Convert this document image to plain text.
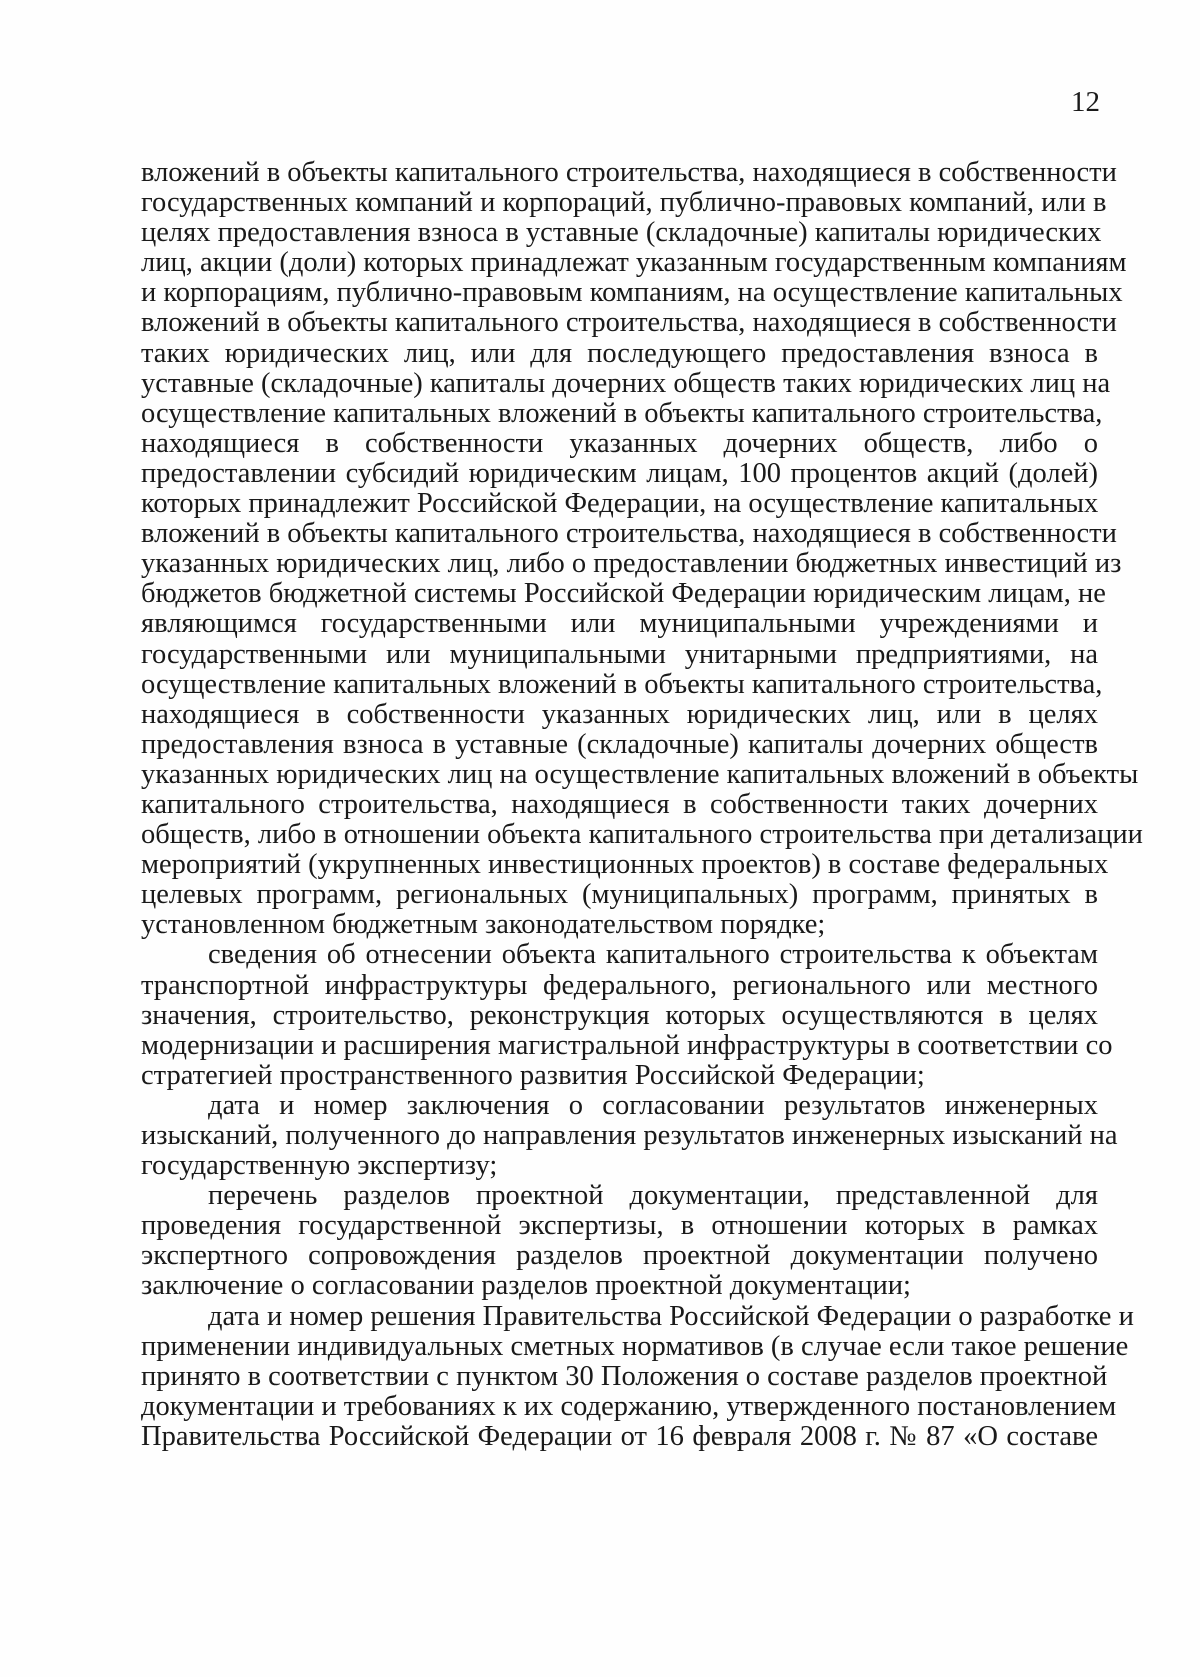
12
вложений в объекты капитального строительства, находящиеся в собственности
государственных компаний и корпораций, публично-правовых компаний, или в
целях предоставления взноса в уставные (складочные) капиталы юридических
лиц, акции (доли) которых принадлежат указанным государственным компаниям
и корпорациям, публично-правовым компаниям, на осуществление капитальных
вложений в объекты капитального строительства, находящиеся в собственности
таких юридических лиц, или для последующего предоставления взноса в
уставные (складочные) капиталы дочерних обществ таких юридических лиц на
осуществление капитальных вложений в объекты капитального строительства,
находящиеся в собственности указанных дочерних обществ, либо о
предоставлении субсидий юридическим лицам, 100 процентов акций (долей)
которых принадлежит Российской Федерации, на осуществление капитальных
вложений в объекты капитального строительства, находящиеся в собственности
указанных юридических лиц, либо о предоставлении бюджетных инвестиций из
бюджетов бюджетной системы Российской Федерации юридическим лицам, не
являющимся государственными или муниципальными учреждениями и
государственными или муниципальными унитарными предприятиями, на
осуществление капитальных вложений в объекты капитального строительства,
находящиеся в собственности указанных юридических лиц, или в целях
предоставления взноса в уставные (складочные) капиталы дочерних обществ
указанных юридических лиц на осуществление капитальных вложений в объекты
капитального строительства, находящиеся в собственности таких дочерних
обществ, либо в отношении объекта капитального строительства при детализации
мероприятий (укрупненных инвестиционных проектов) в составе федеральных
целевых программ, региональных (муниципальных) программ, принятых в
установленном бюджетным законодательством порядке;
сведения об отнесении объекта капитального строительства к объектам
транспортной инфраструктуры федерального, регионального или местного
значения, строительство, реконструкция которых осуществляются в целях
модернизации и расширения магистральной инфраструктуры в соответствии со
стратегией пространственного развития Российской Федерации;
дата и номер заключения о согласовании результатов инженерных
изысканий, полученного до направления результатов инженерных изысканий на
государственную экспертизу;
перечень разделов проектной документации, представленной для
проведения государственной экспертизы, в отношении которых в рамках
экспертного сопровождения разделов проектной документации получено
заключение о согласовании разделов проектной документации;
дата и номер решения Правительства Российской Федерации о разработке и
применении индивидуальных сметных нормативов (в случае если такое решение
принято в соответствии с пунктом 30 Положения о составе разделов проектной
документации и требованиях к их содержанию, утвержденного постановлением
Правительства Российской Федерации от 16 февраля 2008 г. № 87 «О составе
